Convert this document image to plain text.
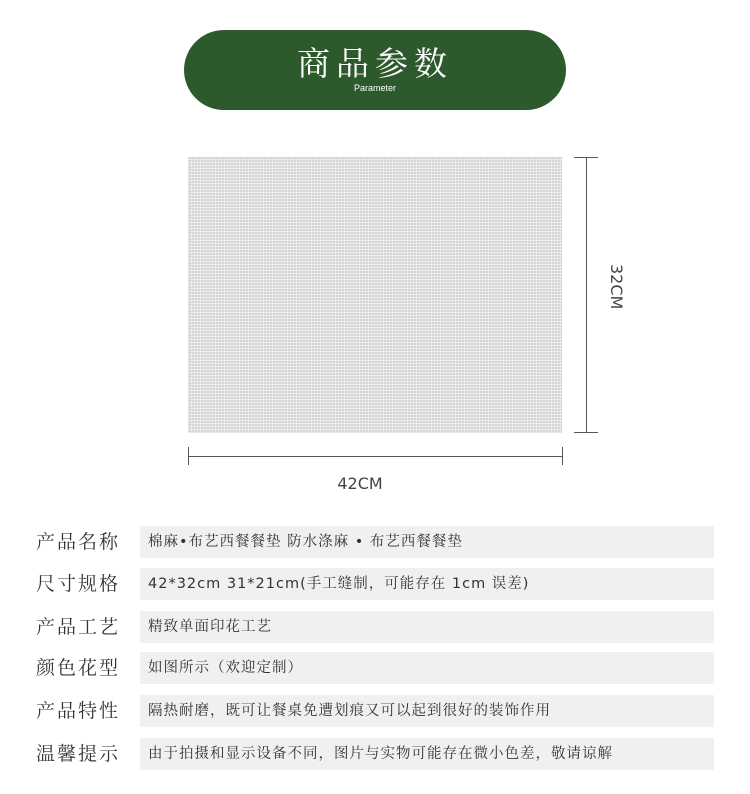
商品参数
Parameter
32CM
42CM
产品名称	棉麻•布艺西餐餐垫 防水涤麻 • 布艺西餐餐垫
尺寸规格	42*32cm 31*21cm(手工缝制，可能存在 1cm 误差)
产品工艺	精致单面印花工艺
颜色花型	如图所示（欢迎定制）
产品特性	隔热耐磨，既可让餐桌免遭划痕又可以起到很好的装饰作用
温馨提示	由于拍摄和显示设备不同，图片与实物可能存在微小色差，敬请谅解
